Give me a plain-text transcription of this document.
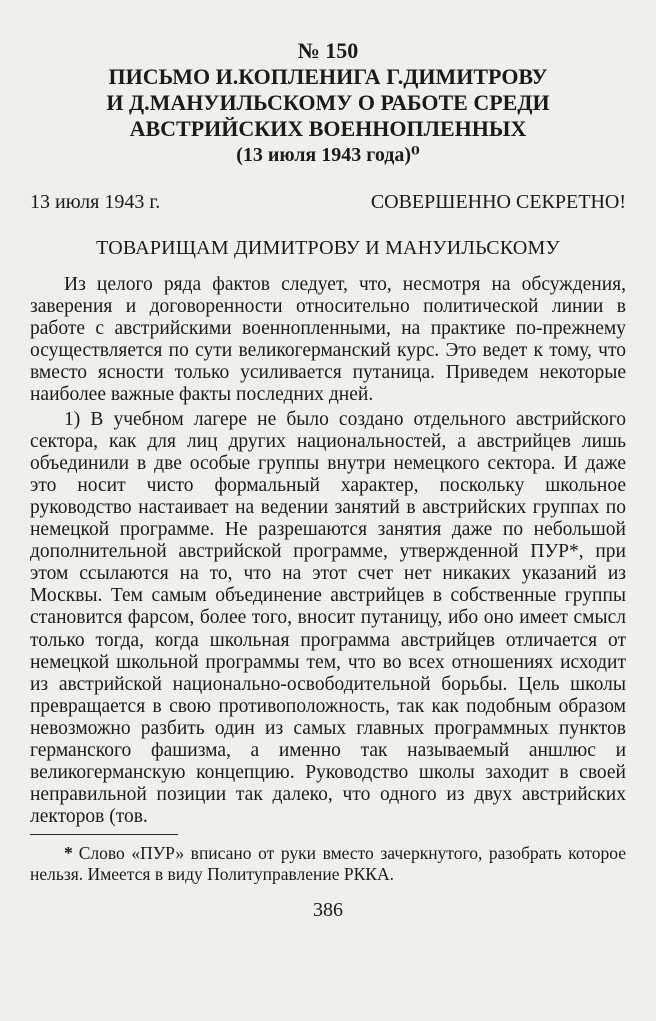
№ 150
ПИСЬМО И.КОПЛЕНИГА Г.ДИМИТРОВУ
И Д.МАНУИЛЬСКОМУ О РАБОТЕ СРЕДИ
АВСТРИЙСКИХ ВОЕННОПЛЕННЫХ
(13 июля 1943 года)⁰
13 июля 1943 г.	СОВЕРШЕННО СЕКРЕТНО!
ТОВАРИЩАМ ДИМИТРОВУ И МАНУИЛЬСКОМУ

Из целого ряда фактов следует, что, несмотря на обсуждения, заверения и договоренности относительно политической линии в работе с австрийскими военнопленными, на практике по-прежнему осуществляется по сути великогерманский курс. Это ведет к тому, что вместо ясности только усиливается путаница. Приведем некоторые наиболее важные факты последних дней.

1) В учебном лагере не было создано отдельного австрийского сектора, как для лиц других национальностей, а австрийцев лишь объединили в две особые группы внутри немецкого сектора. И даже это носит чисто формальный характер, поскольку школьное руководство настаивает на ведении занятий в австрийских группах по немецкой программе. Не разрешаются занятия даже по небольшой дополнительной австрийской программе, утвержденной ПУР*, при этом ссылаются на то, что на этот счет нет никаких указаний из Москвы. Тем самым объединение австрийцев в собственные группы становится фарсом, более того, вносит путаницу, ибо оно имеет смысл только тогда, когда школьная программа австрийцев отличается от немецкой школьной программы тем, что во всех отношениях исходит из австрийской национально-освободительной борьбы. Цель школы превращается в свою противоположность, так как подобным образом невозможно разбить один из самых главных программных пунктов германского фашизма, а именно так называемый аншлюс и великогерманскую концепцию. Руководство школы заходит в своей неправильной позиции так далеко, что одного из двух австрийских лекторов (тов.

* Слово «ПУР» вписано от руки вместо зачеркнутого, разобрать которое нельзя. Имеется в виду Политуправление РККА.
386
